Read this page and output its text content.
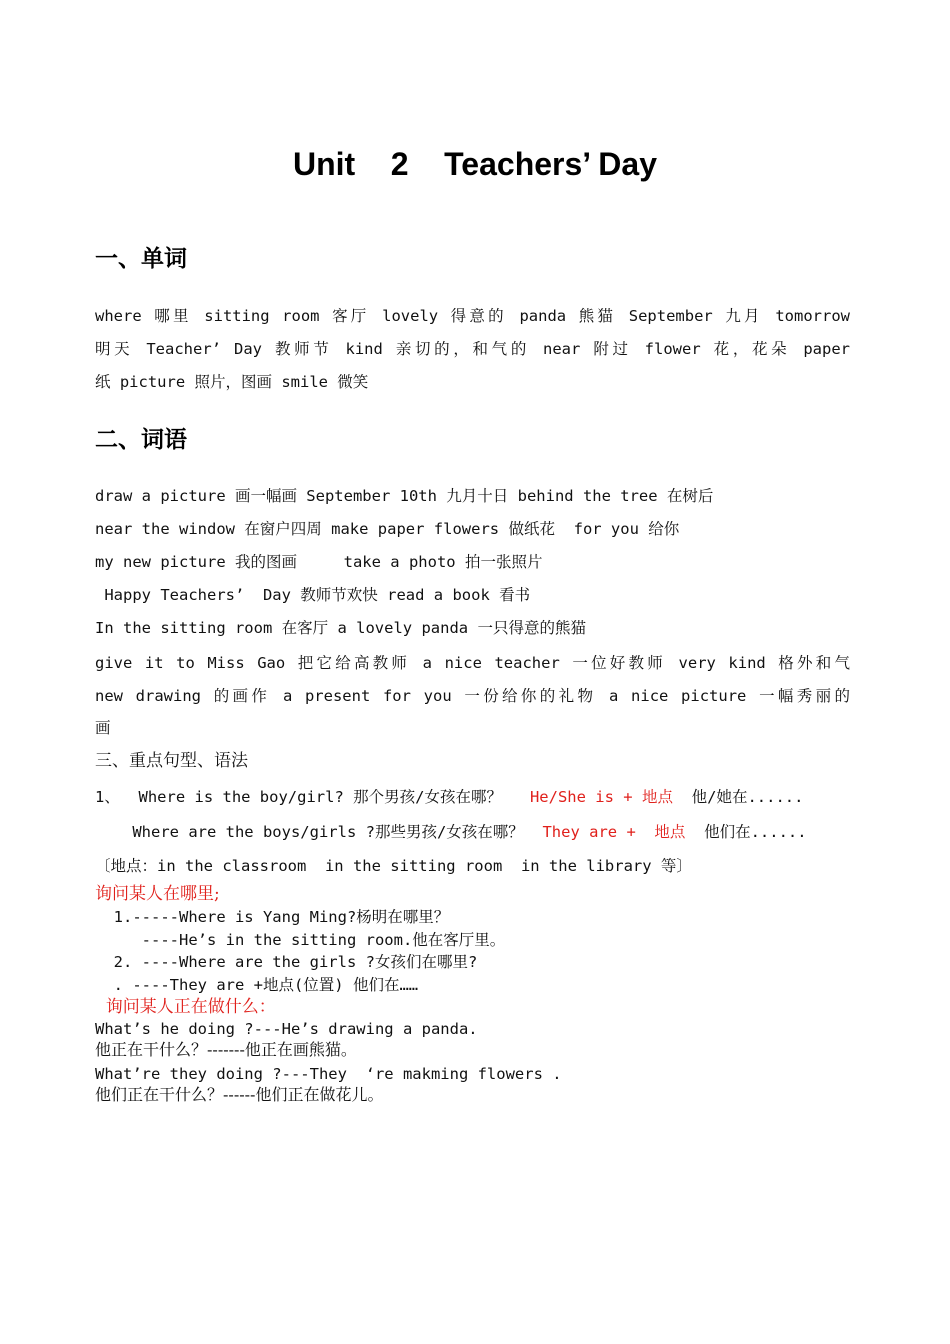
Unit    2    Teachers’ Day
一、单词
where 哪里 sitting room 客厅 lovely 得意的 panda 熊猫 September 九月 tomorrow
明天 Teacher’ Day 教师节 kind 亲切的，和气的 near 附过 flower 花，花朵 paper
纸 picture 照片，图画 smile 微笑
二、词语
draw a picture 画一幅画 September 10th 九月十日 behind the tree 在树后
near the window 在窗户四周 make paper flowers 做纸花  for you 给你
my new picture 我的图画     take a photo 拍一张照片
Happy Teachers’  Day 教师节欢快 read a book 看书
In the sitting room 在客厅 a lovely panda 一只得意的熊猫
give it to Miss Gao 把它给高教师 a nice teacher 一位好教师 very kind 格外和气
new drawing 的画作 a present for you 一份给你的礼物 a nice picture 一幅秀丽的
画
三、重点句型、语法
1、  Where is the boy/girl? 那个男孩/女孩在哪？   He/She is + 地点  他/她在......
Where are the boys/girls ?那些男孩/女孩在哪？  They are +  地点  他们在......
〔地点：in the classroom  in the sitting room  in the library 等〕
询问某人在哪里;
1.-----Where is Yang Ming?杨明在哪里？
----He’s in the sitting room.他在客厅里。
2. ----Where are the girls ?女孩们在哪里?
. ----They are +地点(位置) 他们在……
询问某人正在做什么：
What’s he doing ?---He’s drawing a panda.
他正在干什么？-------他正在画熊猫。
What’re they doing ?---They  ‘re makming flowers .
他们正在干什么？------他们正在做花儿。
